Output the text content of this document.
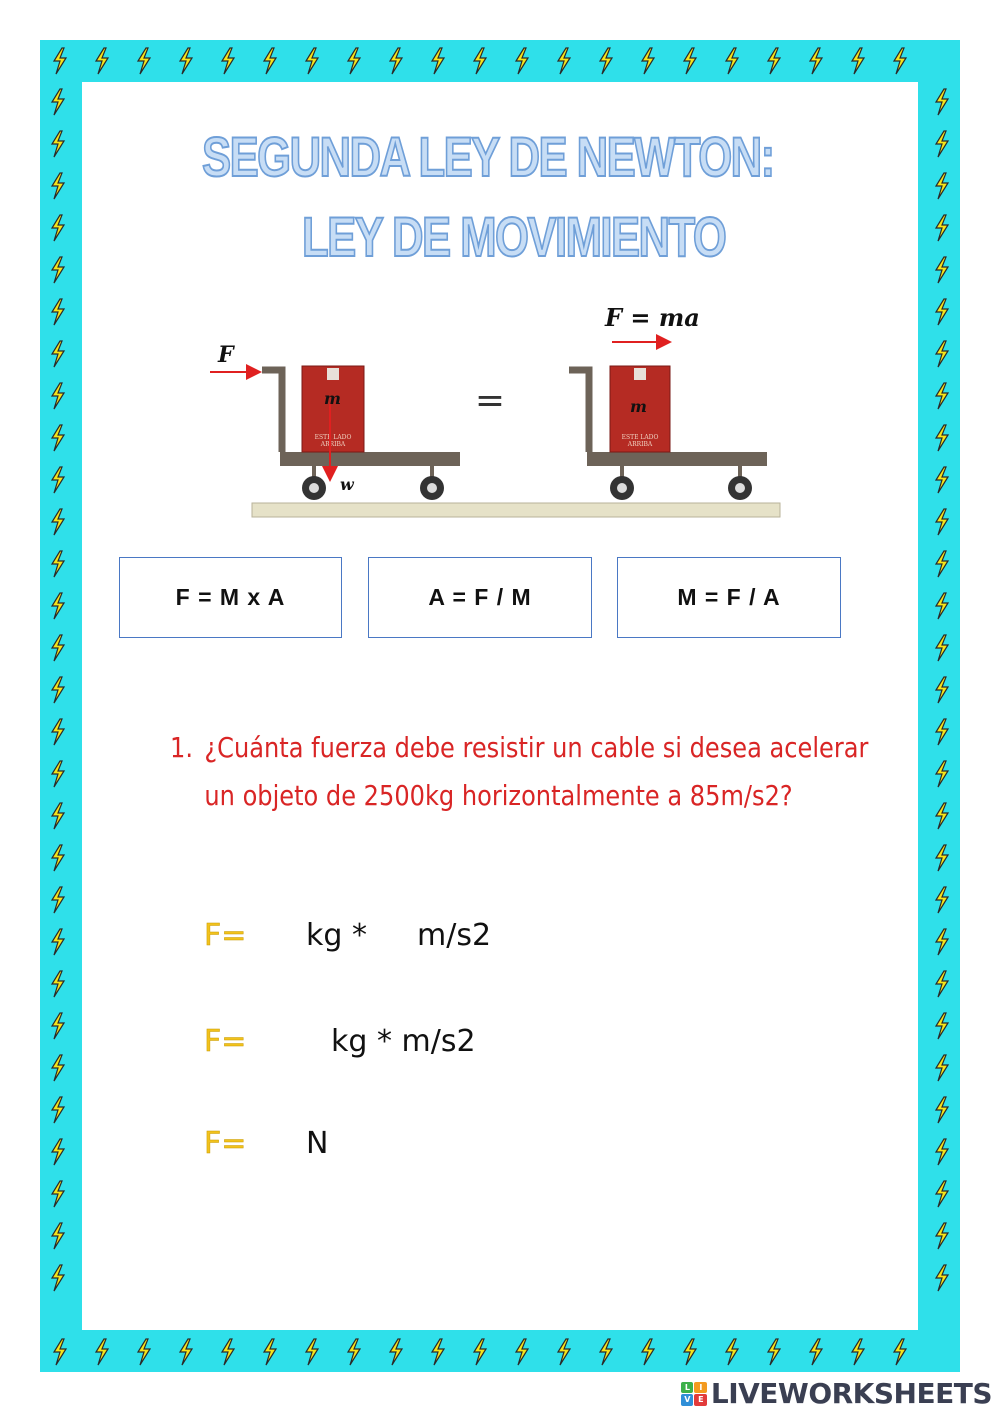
SEGUNDA LEY DE NEWTON:
LEY DE MOVIMIENTO
m
ESTE LADO
ARRIBA
F
w
=	m
ESTE LADO
ARRIBA
F = ma
F = M x A	A = F / M	M = F / A
1. ¿Cuánta fuerza debe resistir un cable si desea acelerar un objeto de 2500kg horizontalmente a 85m/s2?
F= kg * m/s2
F=	kg * m/s2
F= N
L	I
V	E LIVEWORKSHEETS
